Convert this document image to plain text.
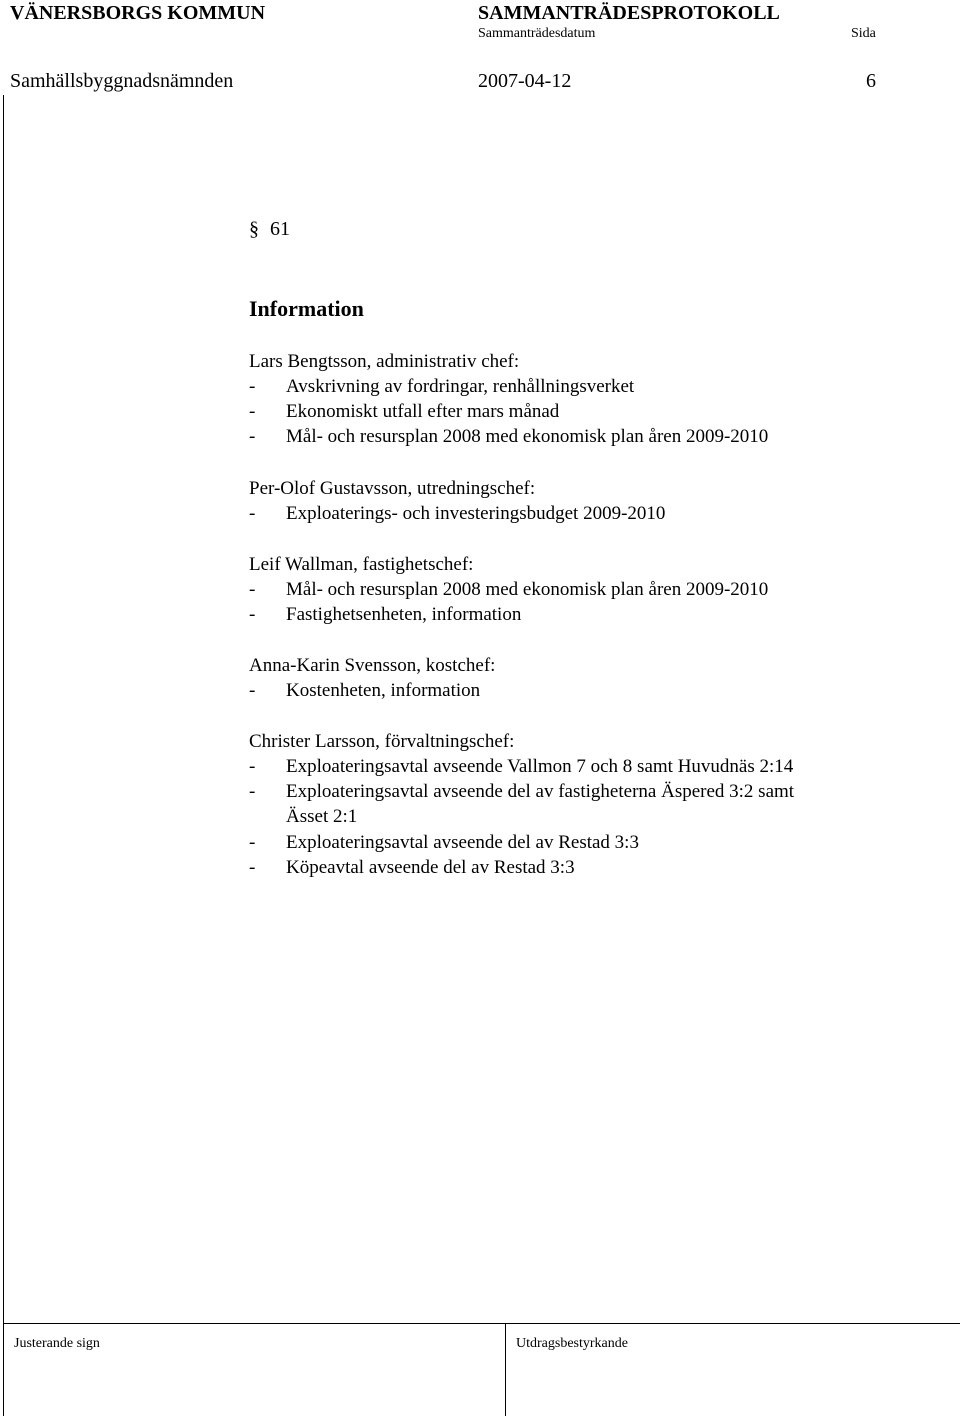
VÄNERSBORGS KOMMUN	SAMMANTRÄDESPROTOKOLL
Sammanträdesdatum	Sida
Samhällsbyggnadsnämnden	2007-04-12	6
§ 61
Information
Lars Bengtsson, administrativ chef:
- Avskrivning av fordringar, renhållningsverket
- Ekonomiskt utfall efter mars månad
- Mål- och resursplan 2008 med ekonomisk plan åren 2009-2010
Per-Olof Gustavsson, utredningschef:
- Exploaterings- och investeringsbudget 2009-2010
Leif Wallman, fastighetschef:
- Mål- och resursplan 2008 med ekonomisk plan åren 2009-2010
- Fastighetsenheten, information
Anna-Karin Svensson, kostchef:
- Kostenheten, information
Christer Larsson, förvaltningschef:
- Exploateringsavtal avseende Vallmon 7 och 8 samt Huvudnäs 2:14
- Exploateringsavtal avseende del av fastigheterna Äspered 3:2 samt
Ässet 2:1
- Exploateringsavtal avseende del av Restad 3:3
- Köpeavtal avseende del av Restad 3:3
Justerande sign	Utdragsbestyrkande
